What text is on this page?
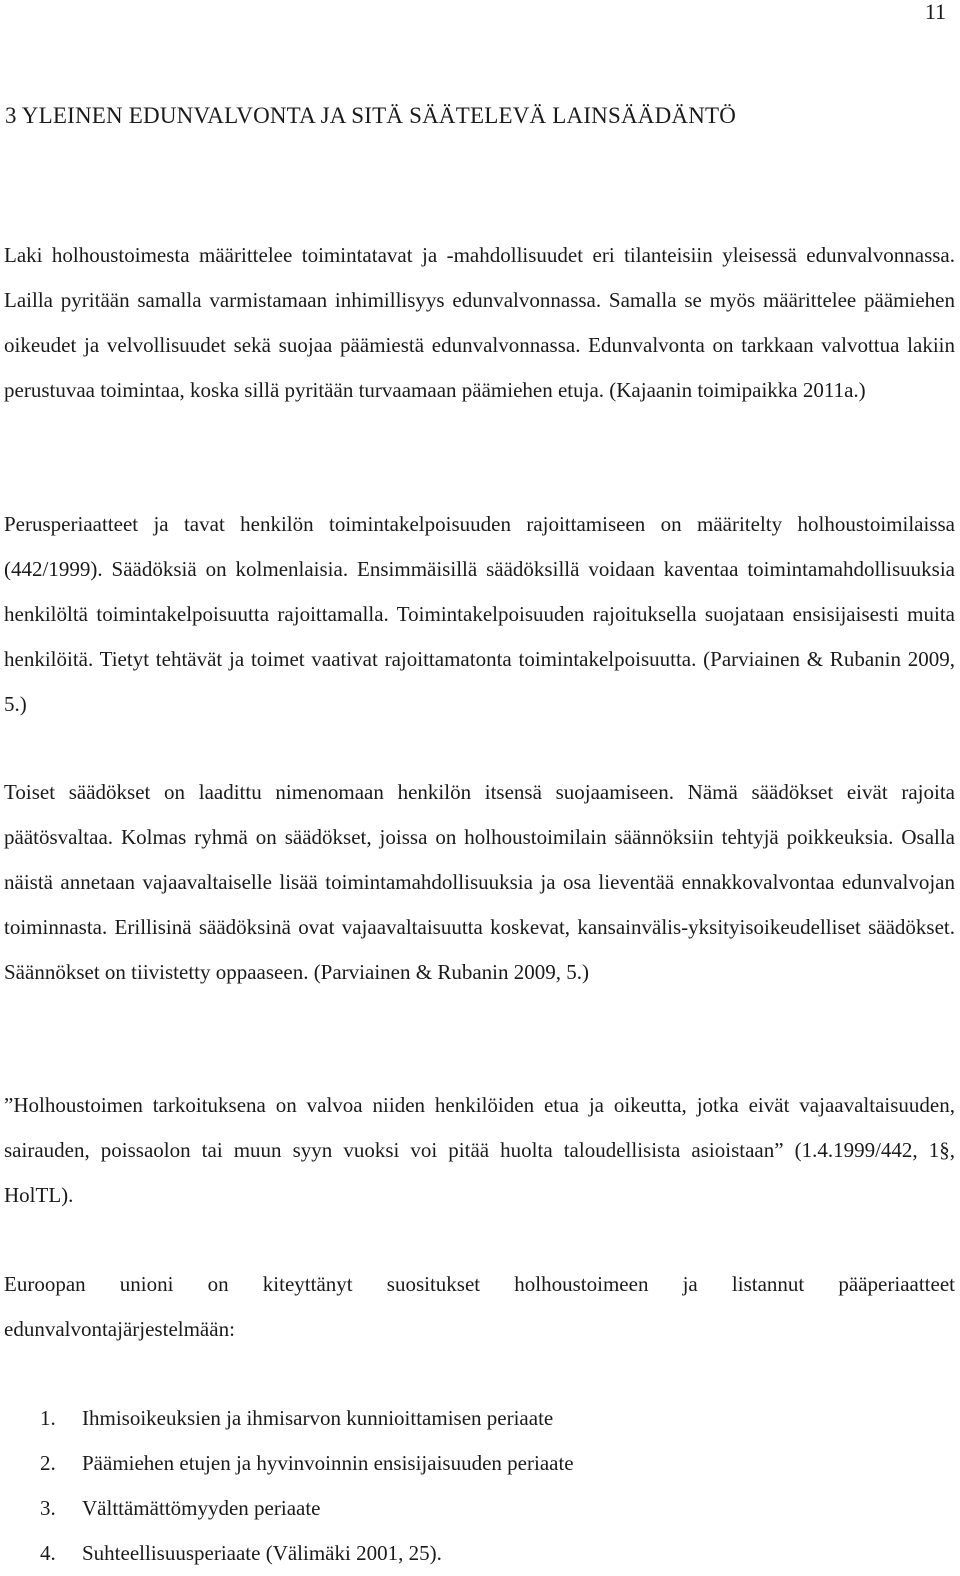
11
3 YLEINEN EDUNVALVONTA JA SITÄ SÄÄTELEVÄ LAINSÄÄDÄNTÖ

Laki holhoustoimesta määrittelee toimintatavat ja -mahdollisuudet eri tilanteisiin yleisessä edunvalvonnassa. Lailla pyritään samalla varmistamaan inhimillisyys edunvalvonnassa. Samalla se myös määrittelee päämiehen oikeudet ja velvollisuudet sekä suojaa päämiestä edunvalvonnassa. Edunvalvonta on tarkkaan valvottua lakiin perustuvaa toimintaa, koska sillä pyritään turvaamaan päämiehen etuja. (Kajaanin toimipaikka 2011a.)

Perusperiaatteet ja tavat henkilön toimintakelpoisuuden rajoittamiseen on määritelty holhoustoimilaissa (442/1999). Säädöksiä on kolmenlaisia. Ensimmäisillä säädöksillä voidaan kaventaa toimintamahdollisuuksia henkilöltä toimintakelpoisuutta rajoittamalla. Toimintakelpoisuuden rajoituksella suojataan ensisijaisesti muita henkilöitä. Tietyt tehtävät ja toimet vaativat rajoittamatonta toimintakelpoisuutta. (Parviainen & Rubanin 2009, 5.)

Toiset säädökset on laadittu nimenomaan henkilön itsensä suojaamiseen. Nämä säädökset eivät rajoita päätösvaltaa. Kolmas ryhmä on säädökset, joissa on holhoustoimilain säännöksiin tehtyjä poikkeuksia. Osalla näistä annetaan vajaavaltaiselle lisää toimintamahdollisuuksia ja osa lieventää ennakkovalvontaa edunvalvojan toiminnasta. Erillisinä säädöksinä ovat vajaavaltaisuutta koskevat, kansainvälis-yksityisoikeudelliset säädökset. Säännökset on tiivistetty oppaaseen. (Parviainen & Rubanin 2009, 5.)

”Holhoustoimen tarkoituksena on valvoa niiden henkilöiden etua ja oikeutta, jotka eivät vajaavaltaisuuden, sairauden, poissaolon tai muun syyn vuoksi voi pitää huolta taloudellisista asioistaan” (1.4.1999/442, 1§, HolTL).

Euroopan unioni on kiteyttänyt suositukset holhoustoimeen ja listannut pääperiaatteet edunvalvontajärjestelmään:

1. Ihmisoikeuksien ja ihmisarvon kunnioittamisen periaate
2. Päämiehen etujen ja hyvinvoinnin ensisijaisuuden periaate
3. Välttämättömyyden periaate
4. Suhteellisuusperiaate (Välimäki 2001, 25).
